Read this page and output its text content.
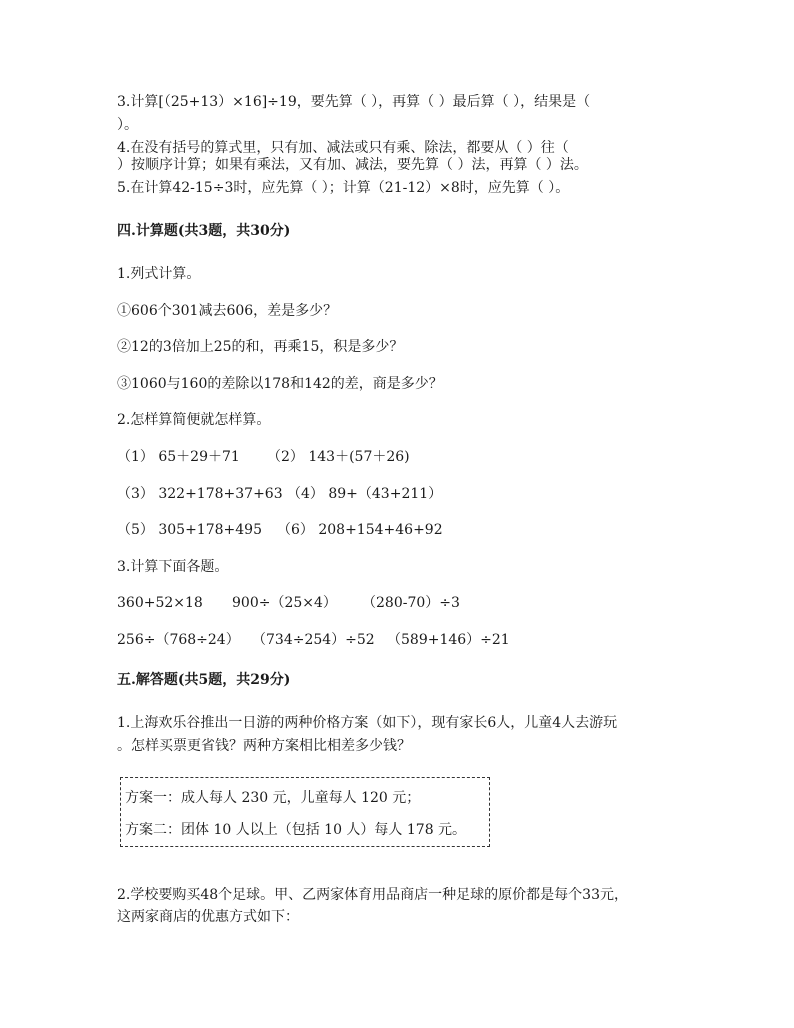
3.计算[（25+13）×16]÷19，要先算（ ），再算（ ）最后算（ ），结果是（
）。
4.在没有括号的算式里，只有加、减法或只有乘、除法，都要从（ ）往（
）按顺序计算；如果有乘法，又有加、减法，要先算（ ）法，再算（ ）法。
5.在计算42-15÷3时，应先算（ ）；计算（21-12）×8时，应先算（ ）。
四.计算题(共3题，共30分)
1.列式计算。
①606个301减去606，差是多少？
②12的3倍加上25的和，再乘15，积是多少？
③1060与160的差除以178和142的差，商是多少？
2.怎样算简便就怎样算。
（1） 65＋29＋71 （2） 143＋(57＋26)
（3） 322+178+37+63 （4） 89+（43+211）
（5） 305+178+495 （6） 208+154+46+92
3.计算下面各题。
360+52×18 900÷（25×4） （280-70）÷3
256÷（768÷24） （734÷254）÷52 （589+146）÷21
五.解答题(共5题，共29分)
1.上海欢乐谷推出一日游的两种价格方案（如下），现有家长6人，儿童4人去游玩
。怎样买票更省钱？两种方案相比相差多少钱？
方案一：成人每人 230 元，儿童每人 120 元；
方案二：团体 10 人以上（包括 10 人）每人 178 元。
2.学校要购买48个足球。甲、乙两家体育用品商店一种足球的原价都是每个33元，
这两家商店的优惠方式如下：
